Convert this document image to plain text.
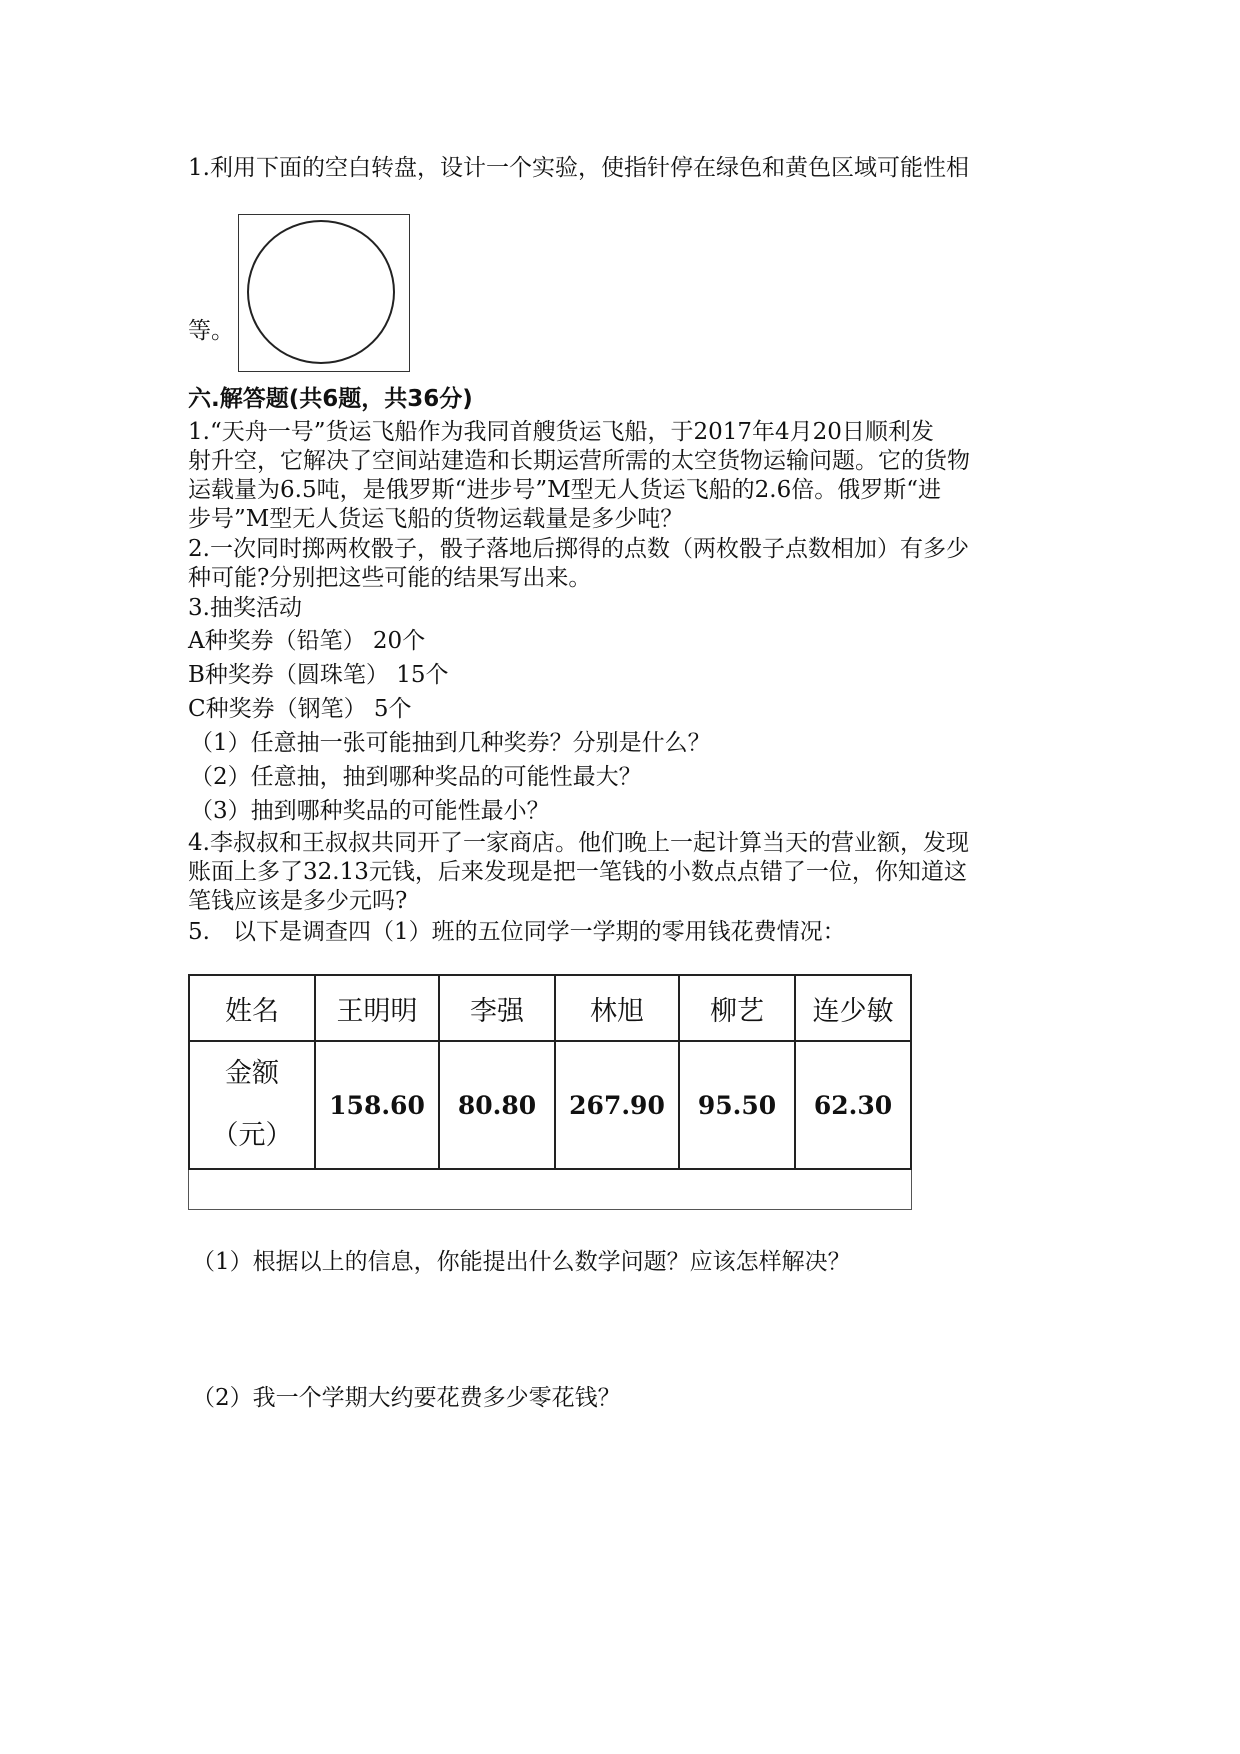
1.利用下面的空白转盘，设计一个实验，使指针停在绿色和黄色区域可能性相
等。
六.解答题(共6题，共36分)
1.“天舟一号”货运飞船作为我同首艘货运飞船，于2017年4月20日顺利发
射升空，它解决了空间站建造和长期运营所需的太空货物运输问题。它的货物
运载量为6.5吨，是俄罗斯“进步号”M型无人货运飞船的2.6倍。俄罗斯“进
步号”M型无人货运飞船的货物运载量是多少吨？
2.一次同时掷两枚骰子，骰子落地后掷得的点数（两枚骰子点数相加）有多少
种可能?分别把这些可能的结果写出来。
3.抽奖活动
A种奖券（铅笔） 20个
B种奖券（圆珠笔） 15个
C种奖券（钢笔） 5个
（1）任意抽一张可能抽到几种奖券？分别是什么？
（2）任意抽，抽到哪种奖品的可能性最大？
（3）抽到哪种奖品的可能性最小？
4.李叔叔和王叔叔共同开了一家商店。他们晚上一起计算当天的营业额，发现
账面上多了32.13元钱，后来发现是把一笔钱的小数点点错了一位，你知道这
笔钱应该是多少元吗?
5.　以下是调查四（1）班的五位同学一学期的零用钱花费情况：
姓名	王明明	李强	林旭	柳艺	连少敏

金额
（元）	158.60	80.80	267.90	95.50	62.30
（1）根据以上的信息，你能提出什么数学问题？应该怎样解决？
（2）我一个学期大约要花费多少零花钱？
